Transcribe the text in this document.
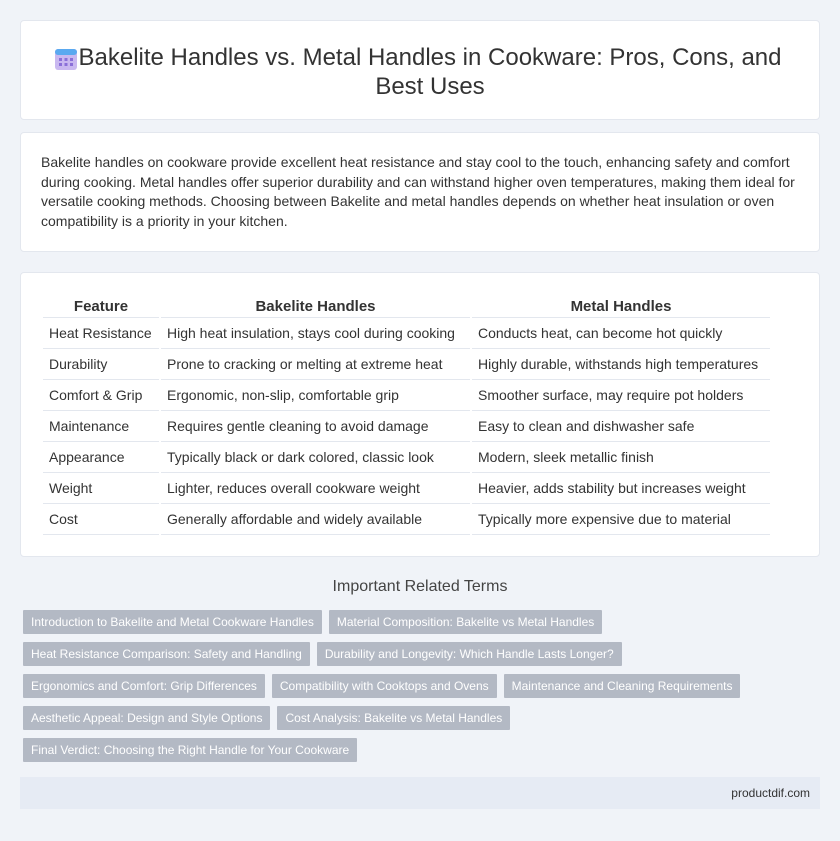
Bakelite Handles vs. Metal Handles in Cookware: Pros, Cons, and Best Uses

Bakelite handles on cookware provide excellent heat resistance and stay cool to the touch, enhancing safety and comfort during cooking. Metal handles offer superior durability and can withstand higher oven temperatures, making them ideal for versatile cooking methods. Choosing between Bakelite and metal handles depends on whether heat insulation or oven compatibility is a priority in your kitchen.

Feature		Bakelite Handles		Metal Handles
Heat Resistance		High heat insulation, stays cool during cooking		Conducts heat, can become hot quickly
Durability		Prone to cracking or melting at extreme heat		Highly durable, withstands high temperatures
Comfort & Grip		Ergonomic, non-slip, comfortable grip		Smoother surface, may require pot holders
Maintenance		Requires gentle cleaning to avoid damage		Easy to clean and dishwasher safe
Appearance		Typically black or dark colored, classic look		Modern, sleek metallic finish
Weight		Lighter, reduces overall cookware weight		Heavier, adds stability but increases weight
Cost		Generally affordable and widely available		Typically more expensive due to material
Important Related Terms
Introduction to Bakelite and Metal Cookware Handles	Material Composition: Bakelite vs Metal Handles
Heat Resistance Comparison: Safety and Handling	Durability and Longevity: Which Handle Lasts Longer?
Ergonomics and Comfort: Grip Differences	Compatibility with Cooktops and Ovens	Maintenance and Cleaning Requirements
Aesthetic Appeal: Design and Style Options	Cost Analysis: Bakelite vs Metal Handles
Final Verdict: Choosing the Right Handle for Your Cookware
productdif.com
